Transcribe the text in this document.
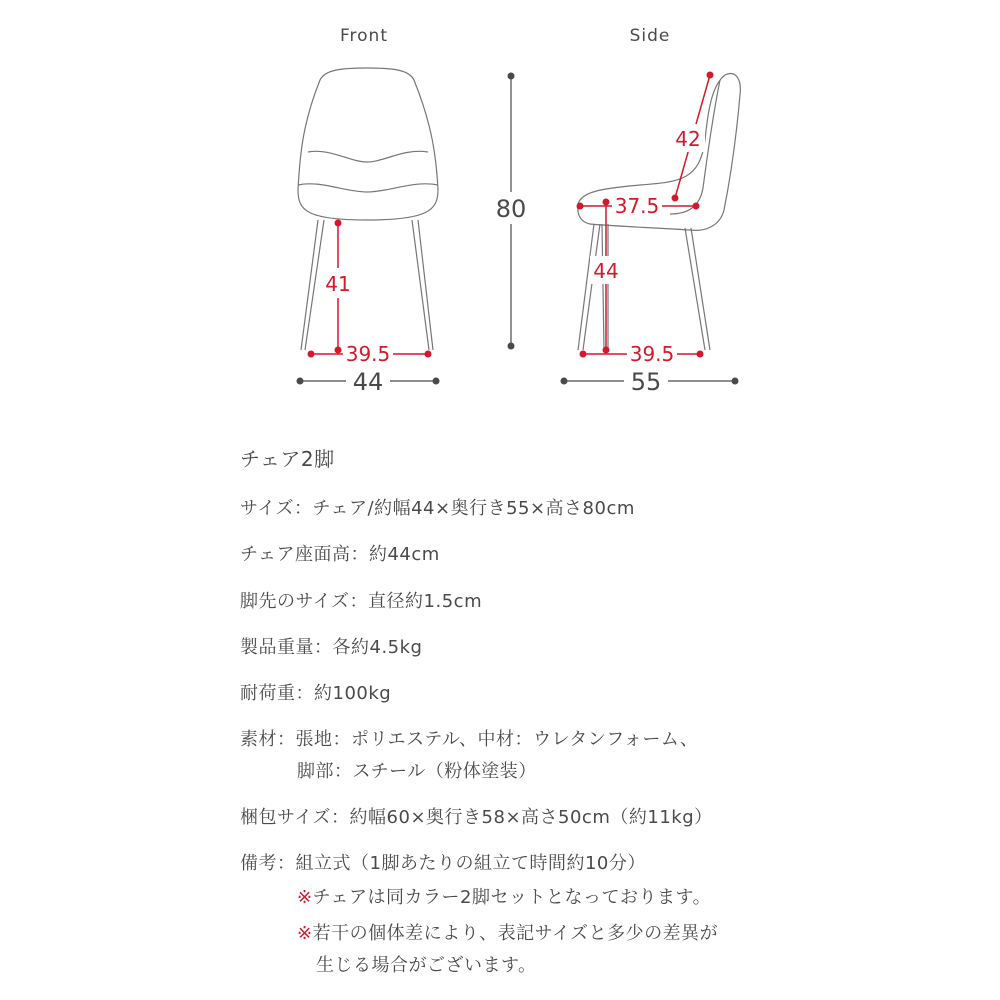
Front	Side
41
39.5
44
80
42
37.5
44
39.5
55
チェア2脚
サイズ：チェア/約幅44×奥行き55×高さ80cm
チェア座面高：約44cm
脚先のサイズ：直径約1.5cm
製品重量：各約4.5kg
耐荷重：約100kg
素材：張地：ポリエステル、中材：ウレタンフォーム、
脚部：スチール（粉体塗装）
梱包サイズ：約幅60×奥行き58×高さ50cm（約11kg）
備考：組立式（1脚あたりの組立て時間約10分）
※チェアは同カラー2脚セットとなっております。
※若干の個体差により、表記サイズと多少の差異が
生じる場合がございます。
